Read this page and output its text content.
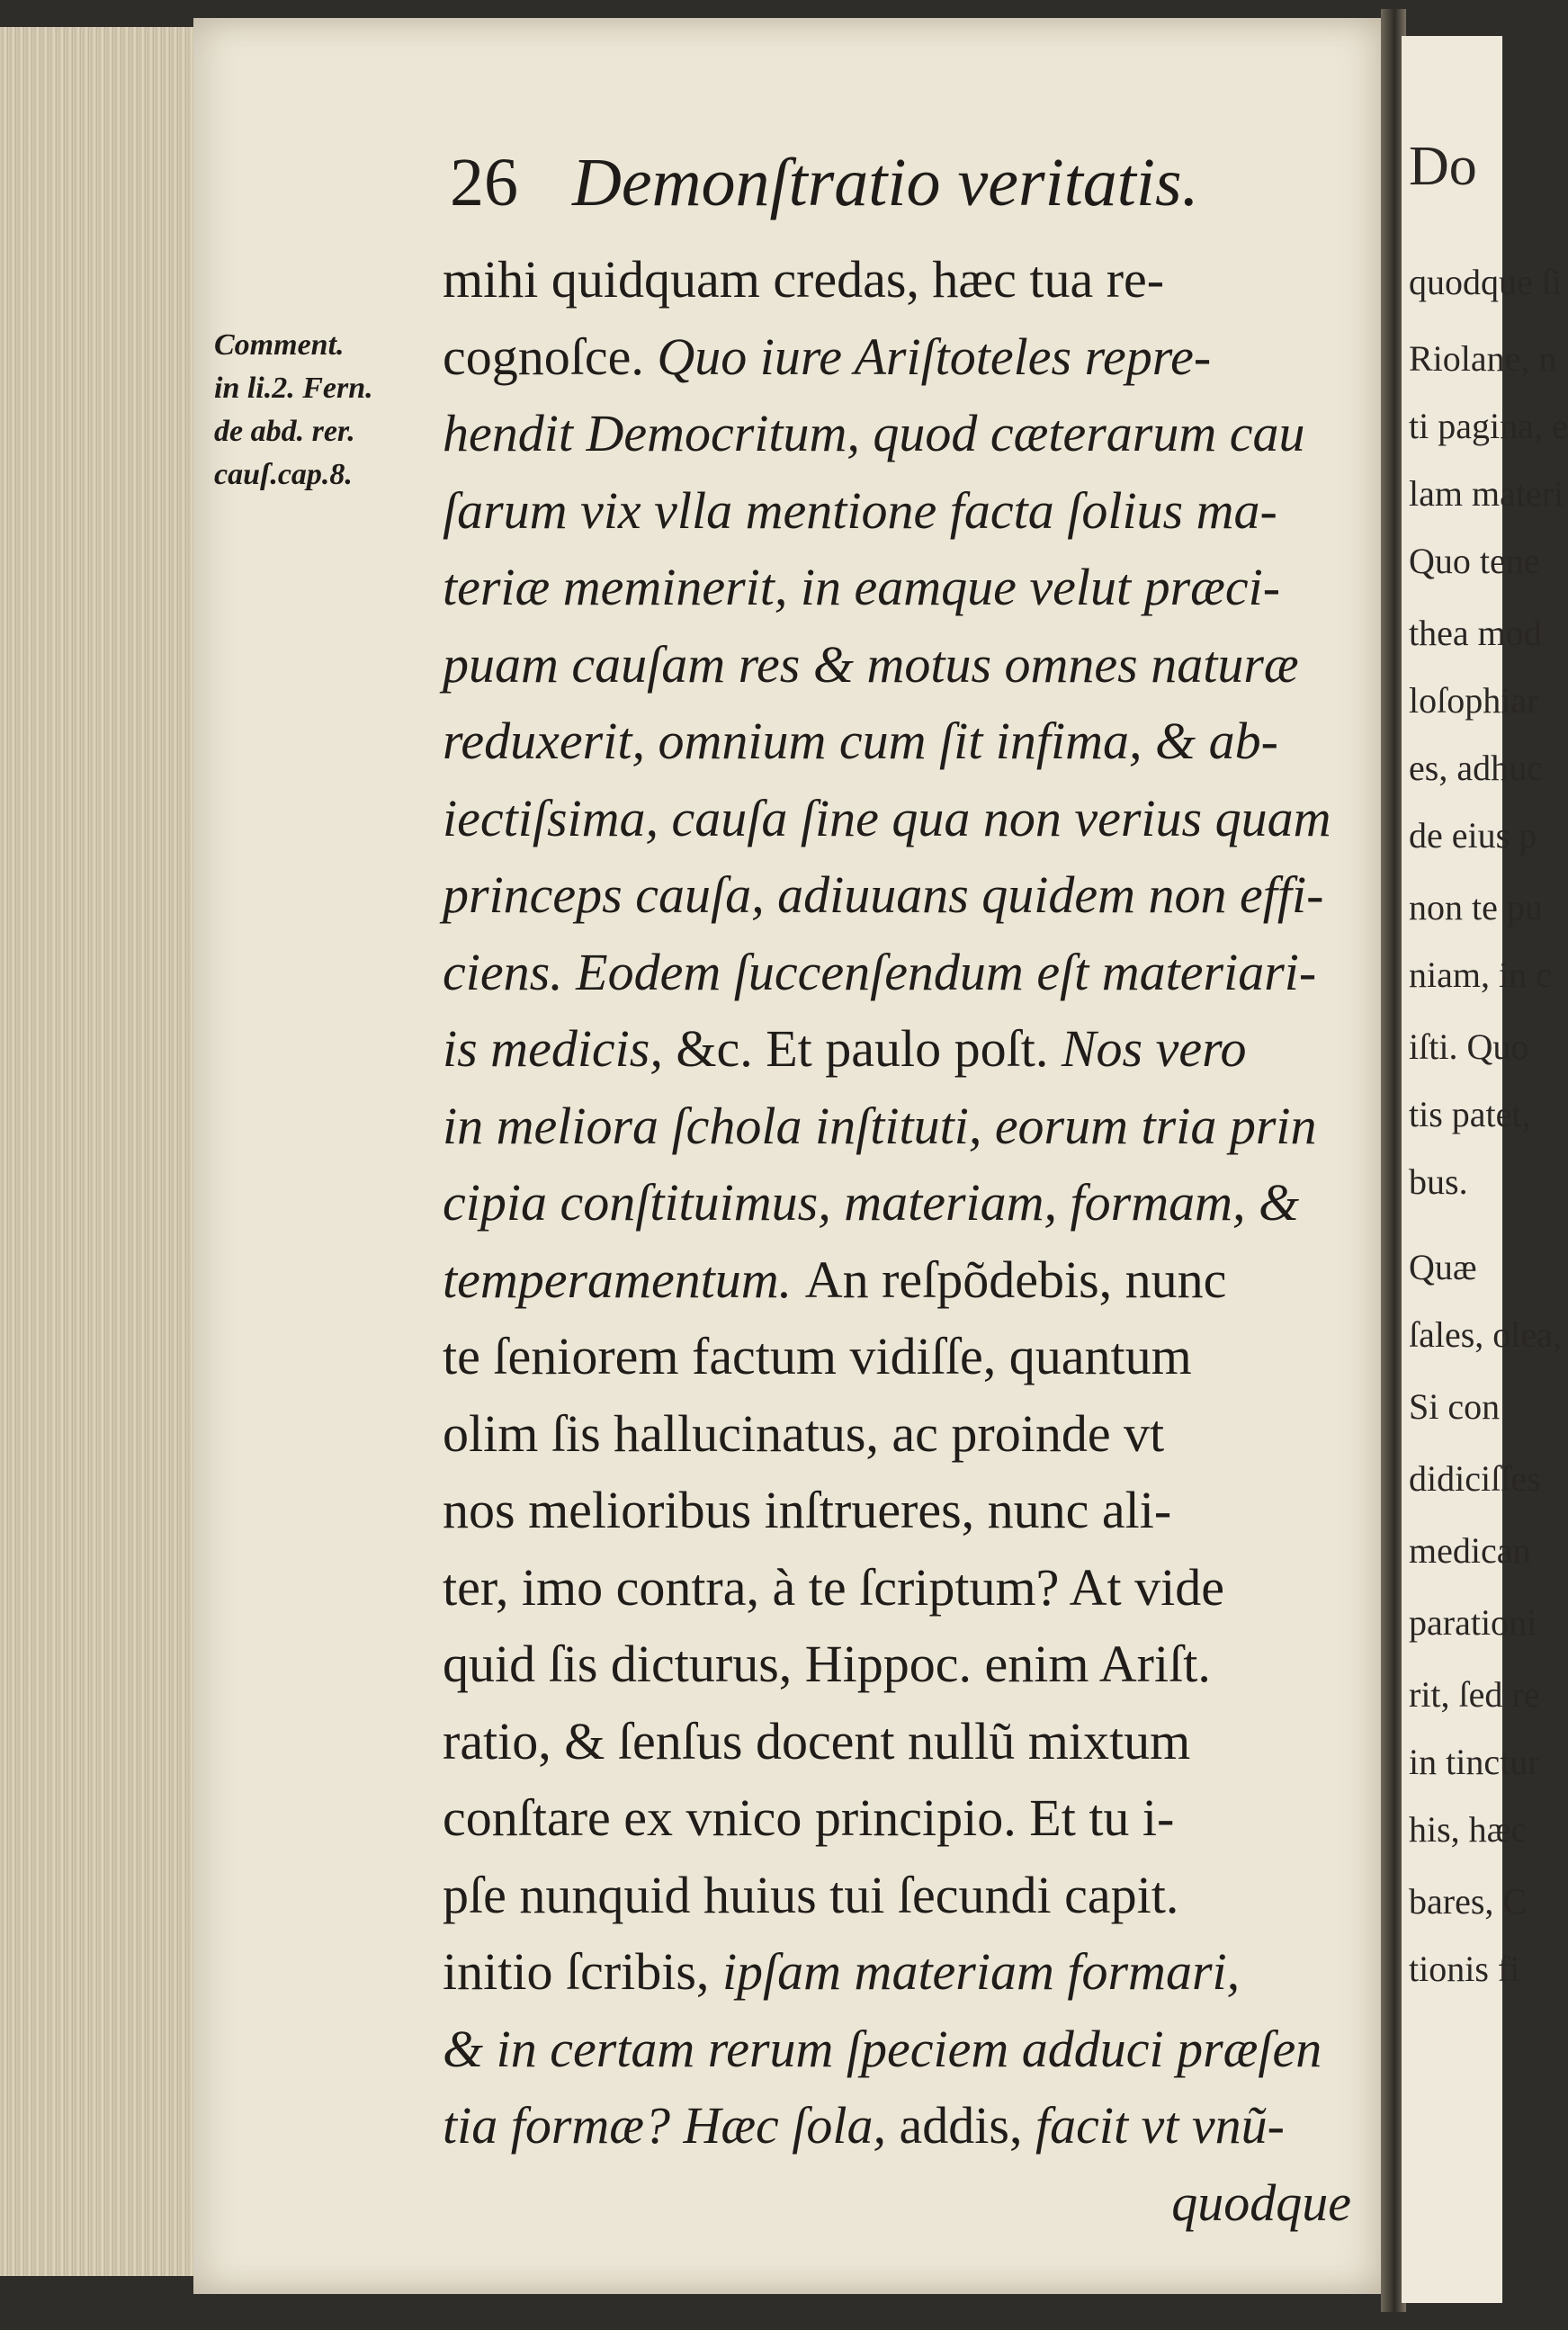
26 Demonſtratio veritatis.
Comment.
in li.2. Fern.
de abd. rer.
cauſ.cap.8.
mihi quidquam credas, hæc tua re-
cognoſce. Quo iure Ariſtoteles repre-
hendit Democritum, quod cæterarum cau
ſarum vix vlla mentione facta ſolius ma-
teriæ meminerit, in eamque velut præci-
puam cauſam res & motus omnes naturæ
reduxerit, omnium cum ſit infima, & ab-
iectiſsima, cauſa ſine qua non verius quam
princeps cauſa, adiuuans quidem non effi-
ciens. Eodem ſuccenſendum eſt materiari-
is medicis, &c. Et paulo poſt. Nos vero
in meliora ſchola inſtituti, eorum tria prin
cipia conſtituimus, materiam, formam, &
temperamentum. An reſpõdebis, nunc
te ſeniorem factum vidiſſe, quantum
olim ſis hallucinatus, ac proinde vt
nos melioribus inſtrueres, nunc ali-
ter, imo contra, à te ſcriptum? At vide
quid ſis dicturus, Hippoc. enim Ariſt.
ratio, & ſenſus docent nullũ mixtum
conſtare ex vnico principio. Et tu i-
pſe nunquid huius tui ſecundi capit.
initio ſcribis, ipſam materiam formari,
& in certam rerum ſpeciem adduci præſen
tia formæ? Hæc ſola, addis, facit vt vnũ-
quodque
Do
quodque ſi
Riolane, n
ti pagina, e
lam materi
Quo tene
thea mod
loſophiar
es, adhuc
de eius p
non te pu
niam, in c
iſti. Quo
tis patet,
bus.
Quæ
ſales, olea,
Si con
didiciſſes
medican
parationi
rit, ſed re
in tinctur
his, hæc
bares, C
tionis fi
